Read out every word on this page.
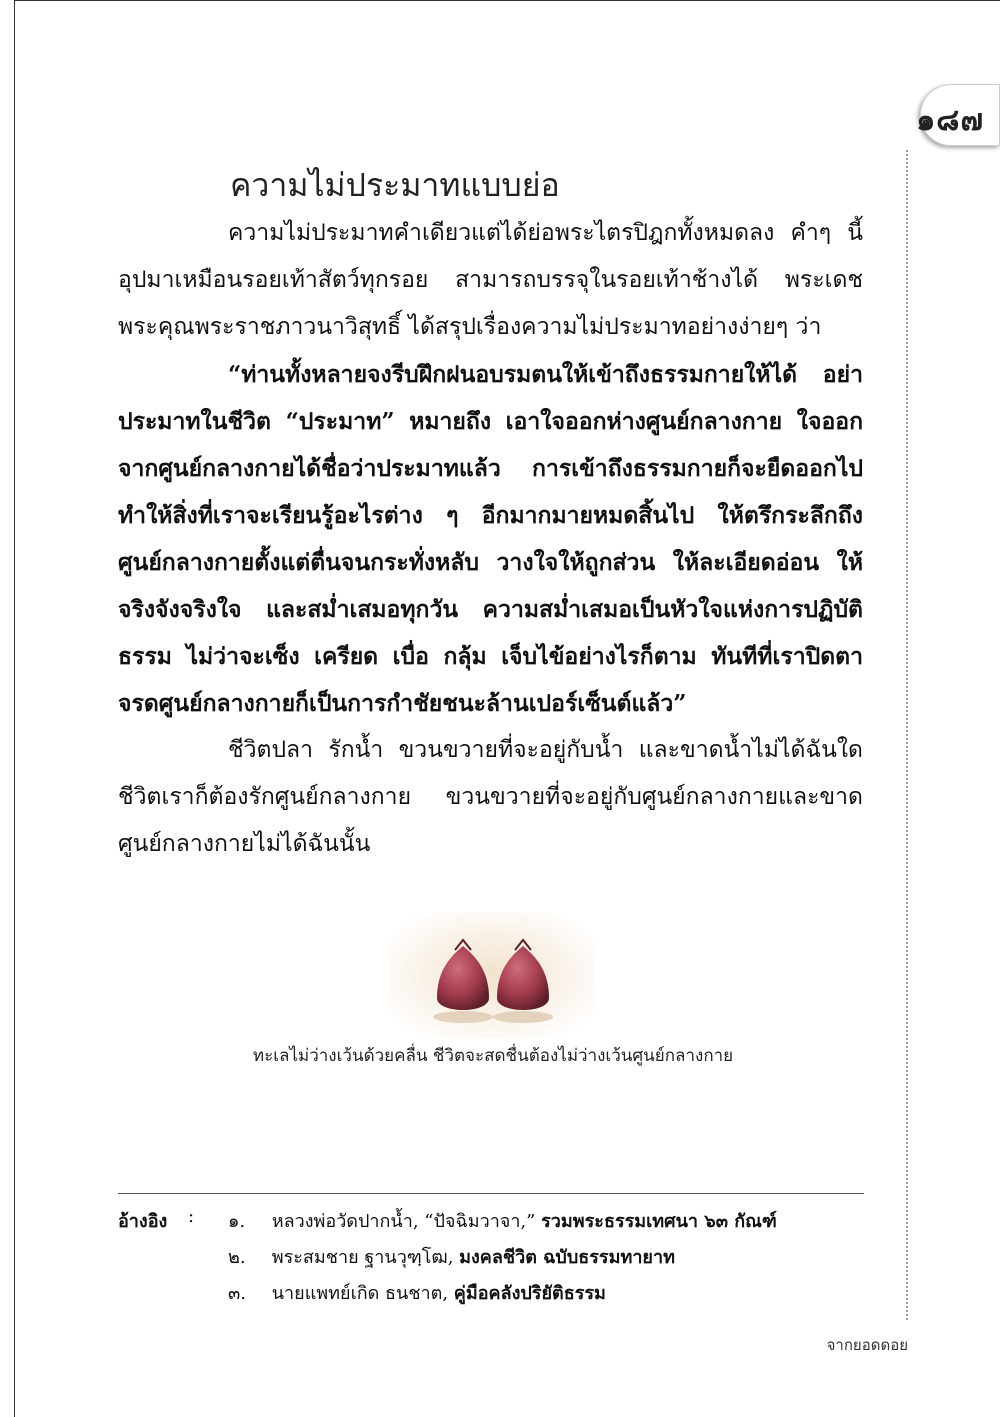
๑๘๗
ความไม่ประมาทแบบย่อ

ความไม่ประมาทคำเดียวแต่ได้ย่อพระไตรปิฎกทั้งหมดลง คำๆ นี้อุปมาเหมือนรอยเท้าสัตว์ทุกรอย สามารถบรรจุในรอยเท้าช้างได้ พระเดชพระคุณพระราชภาวนาวิสุทธิ์ ได้สรุปเรื่องความไม่ประมาทอย่างง่ายๆ ว่า

“ท่านทั้งหลายจงรีบฝึกฝนอบรมตนให้เข้าถึงธรรมกายให้ได้ อย่าประมาทในชีวิต “ประมาท” หมายถึง เอาใจออกห่างศูนย์กลางกาย ใจออกจากศูนย์กลางกายได้ชื่อว่าประมาทแล้ว การเข้าถึงธรรมกายก็จะยืดออกไป ทำให้สิ่งที่เราจะเรียนรู้อะไรต่าง ๆ อีกมากมายหมดสิ้นไป ให้ตรึกระลึกถึงศูนย์กลางกายตั้งแต่ตื่นจนกระทั่งหลับ วางใจให้ถูกส่วน ให้ละเอียดอ่อน ให้จริงจังจริงใจ และสม่ำเสมอทุกวัน ความสม่ำเสมอเป็นหัวใจแห่งการปฏิบัติธรรม ไม่ว่าจะเซ็ง เครียด เบื่อ กลุ้ม เจ็บไข้อย่างไรก็ตาม ทันทีที่เราปิดตาจรดศูนย์กลางกายก็เป็นการกำชัยชนะล้านเปอร์เซ็นต์แล้ว”

ชีวิตปลา รักน้ำ ขวนขวายที่จะอยู่กับน้ำ และขาดน้ำไม่ได้ฉันใด ชีวิตเราก็ต้องรักศูนย์กลางกาย ขวนขวายที่จะอยู่กับศูนย์กลางกายและขาดศูนย์กลางกายไม่ได้ฉันนั้น

ทะเลไม่ว่างเว้นด้วยคลื่น ชีวิตจะสดชื่นต้องไม่ว่างเว้นศูนย์กลางกาย
อ้างอิง : ๑. หลวงพ่อวัดปากน้ำ, “ปัจฉิมวาจา,” รวมพระธรรมเทศนา ๖๓ กัณฑ์
๒. พระสมชาย ฐานวุฑฺโฒ, มงคลชีวิต ฉบับธรรมทายาท
๓. นายแพทย์เกิด ธนชาต, คู่มือคลังปริยัติธรรม
จากยอดดอย
